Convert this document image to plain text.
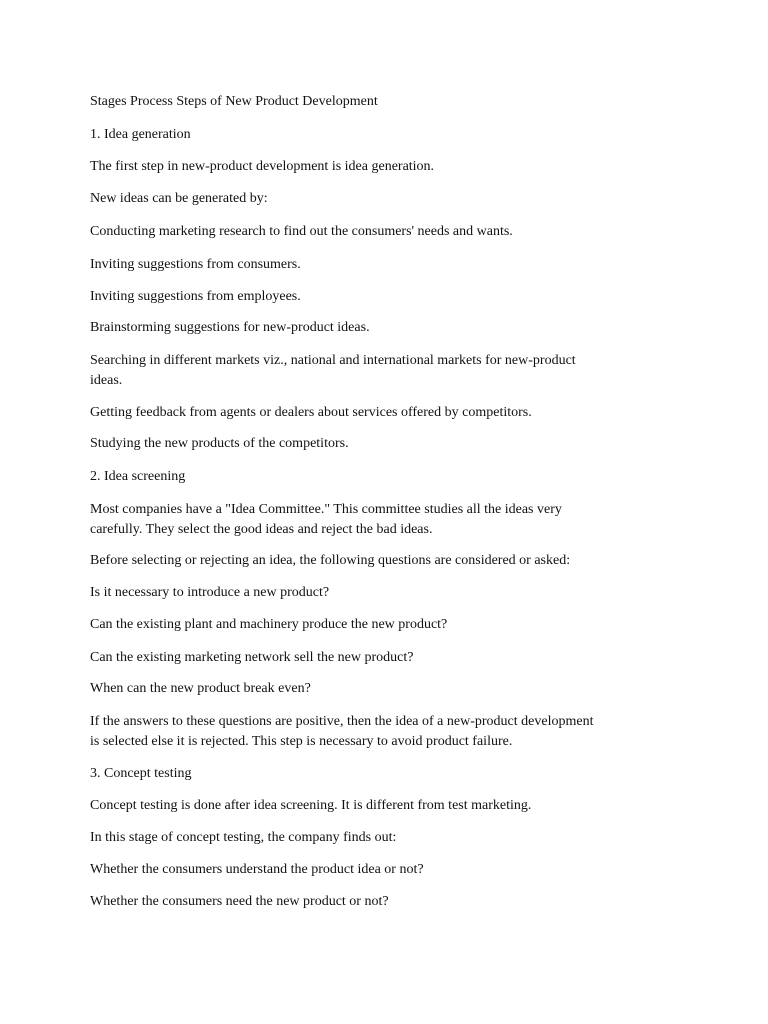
Stages Process Steps of New Product Development

1. Idea generation

The first step in new-product development is idea generation.

New ideas can be generated by:

Conducting marketing research to find out the consumers' needs and wants.

Inviting suggestions from consumers.

Inviting suggestions from employees.

Brainstorming suggestions for new-product ideas.

Searching in different markets viz., national and international markets for new-product
ideas.

Getting feedback from agents or dealers about services offered by competitors.

Studying the new products of the competitors.

2. Idea screening

Most companies have a "Idea Committee." This committee studies all the ideas very
carefully. They select the good ideas and reject the bad ideas.

Before selecting or rejecting an idea, the following questions are considered or asked:

Is it necessary to introduce a new product?

Can the existing plant and machinery produce the new product?

Can the existing marketing network sell the new product?

When can the new product break even?

If the answers to these questions are positive, then the idea of a new-product development
is selected else it is rejected. This step is necessary to avoid product failure.

3. Concept testing

Concept testing is done after idea screening. It is different from test marketing.

In this stage of concept testing, the company finds out:

Whether the consumers understand the product idea or not?

Whether the consumers need the new product or not?
